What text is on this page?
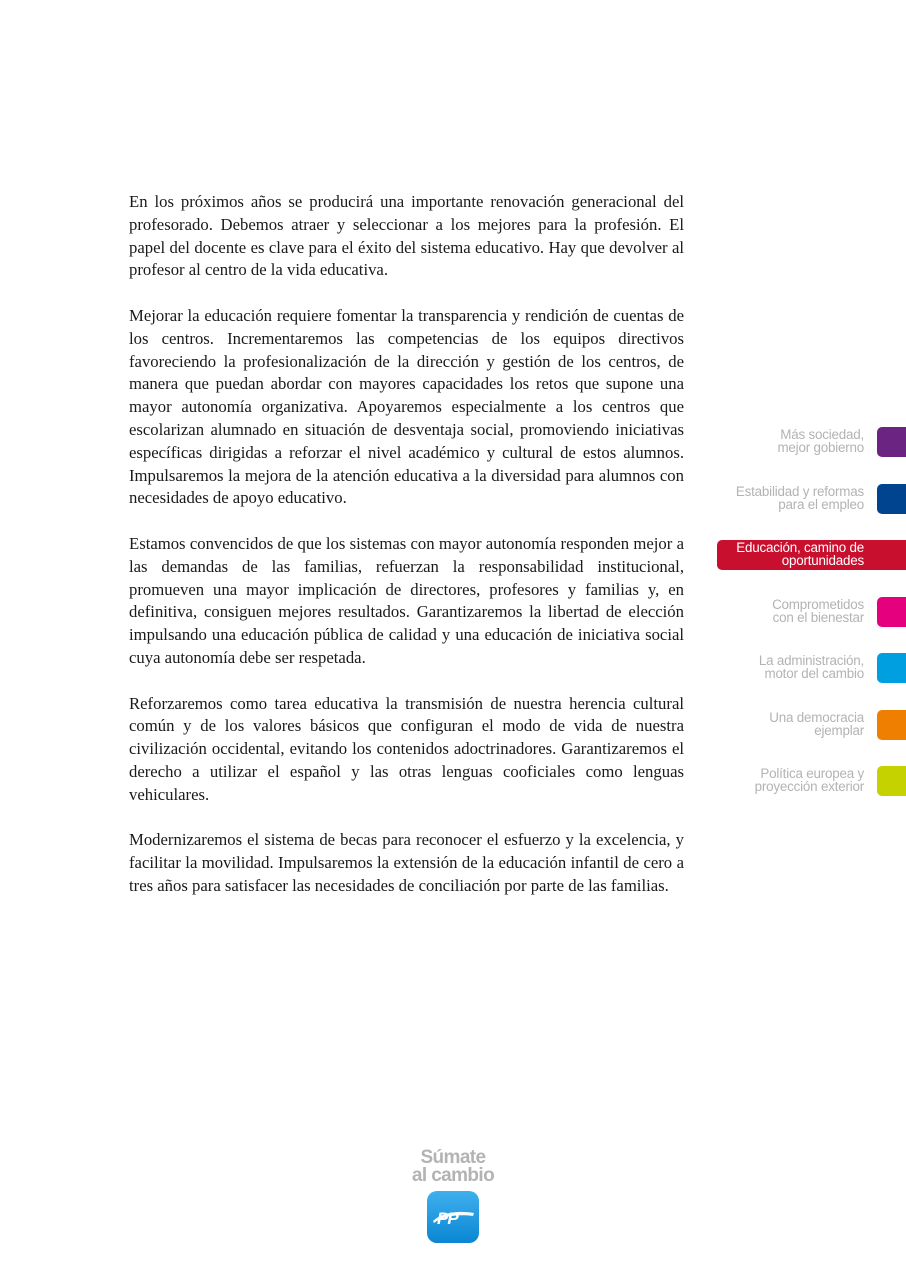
En los próximos años se producirá una importante renovación generacional del profesorado. Debemos atraer y seleccionar a los mejores para la profesión. El papel del docente es clave para el éxito del sistema educativo. Hay que devolver al profesor al centro de la vida educativa.

Mejorar la educación requiere fomentar la transparencia y rendición de cuentas de los centros. Incrementaremos las competencias de los equipos directivos favoreciendo la profesionalización de la dirección y gestión de los centros, de manera que puedan abordar con mayores capacidades los retos que supone una mayor autonomía organizativa. Apoyaremos especialmente a los centros que escolarizan alumnado en situación de desventaja social, promoviendo iniciativas específicas dirigidas a reforzar el nivel académico y cultural de estos alumnos. Impulsaremos la mejora de la atención educativa a la diversidad para alumnos con necesidades de apoyo educativo.

Estamos convencidos de que los sistemas con mayor autonomía responden mejor a las demandas de las familias, refuerzan la responsabilidad institucional, promueven una mayor implicación de directores, profesores y familias y, en definitiva, consiguen mejores resultados. Garantizaremos la libertad de elección impulsando una educación pública de calidad y una educación de iniciativa social cuya autonomía debe ser respetada.

Reforzaremos como tarea educativa la transmisión de nuestra herencia cultural común y de los valores básicos que configuran el modo de vida de nuestra civilización occidental, evitando los contenidos adoctrinadores. Garantizaremos el derecho a utilizar el español y las otras lenguas cooficiales como lenguas vehiculares.

Modernizaremos el sistema de becas para reconocer el esfuerzo y la excelencia, y facilitar la movilidad. Impulsaremos la extensión de la educación infantil de cero a tres años para satisfacer las necesidades de conciliación por parte de las familias.

Más sociedad,
mejor gobierno
Estabilidad y reformas
para el empleo
Educación, camino de
oportunidades
Comprometidos
con el bienestar
La administración,
motor del cambio
Una democracia
ejemplar
Política europea y
proyección exterior
Súmate
al cambio
PP
